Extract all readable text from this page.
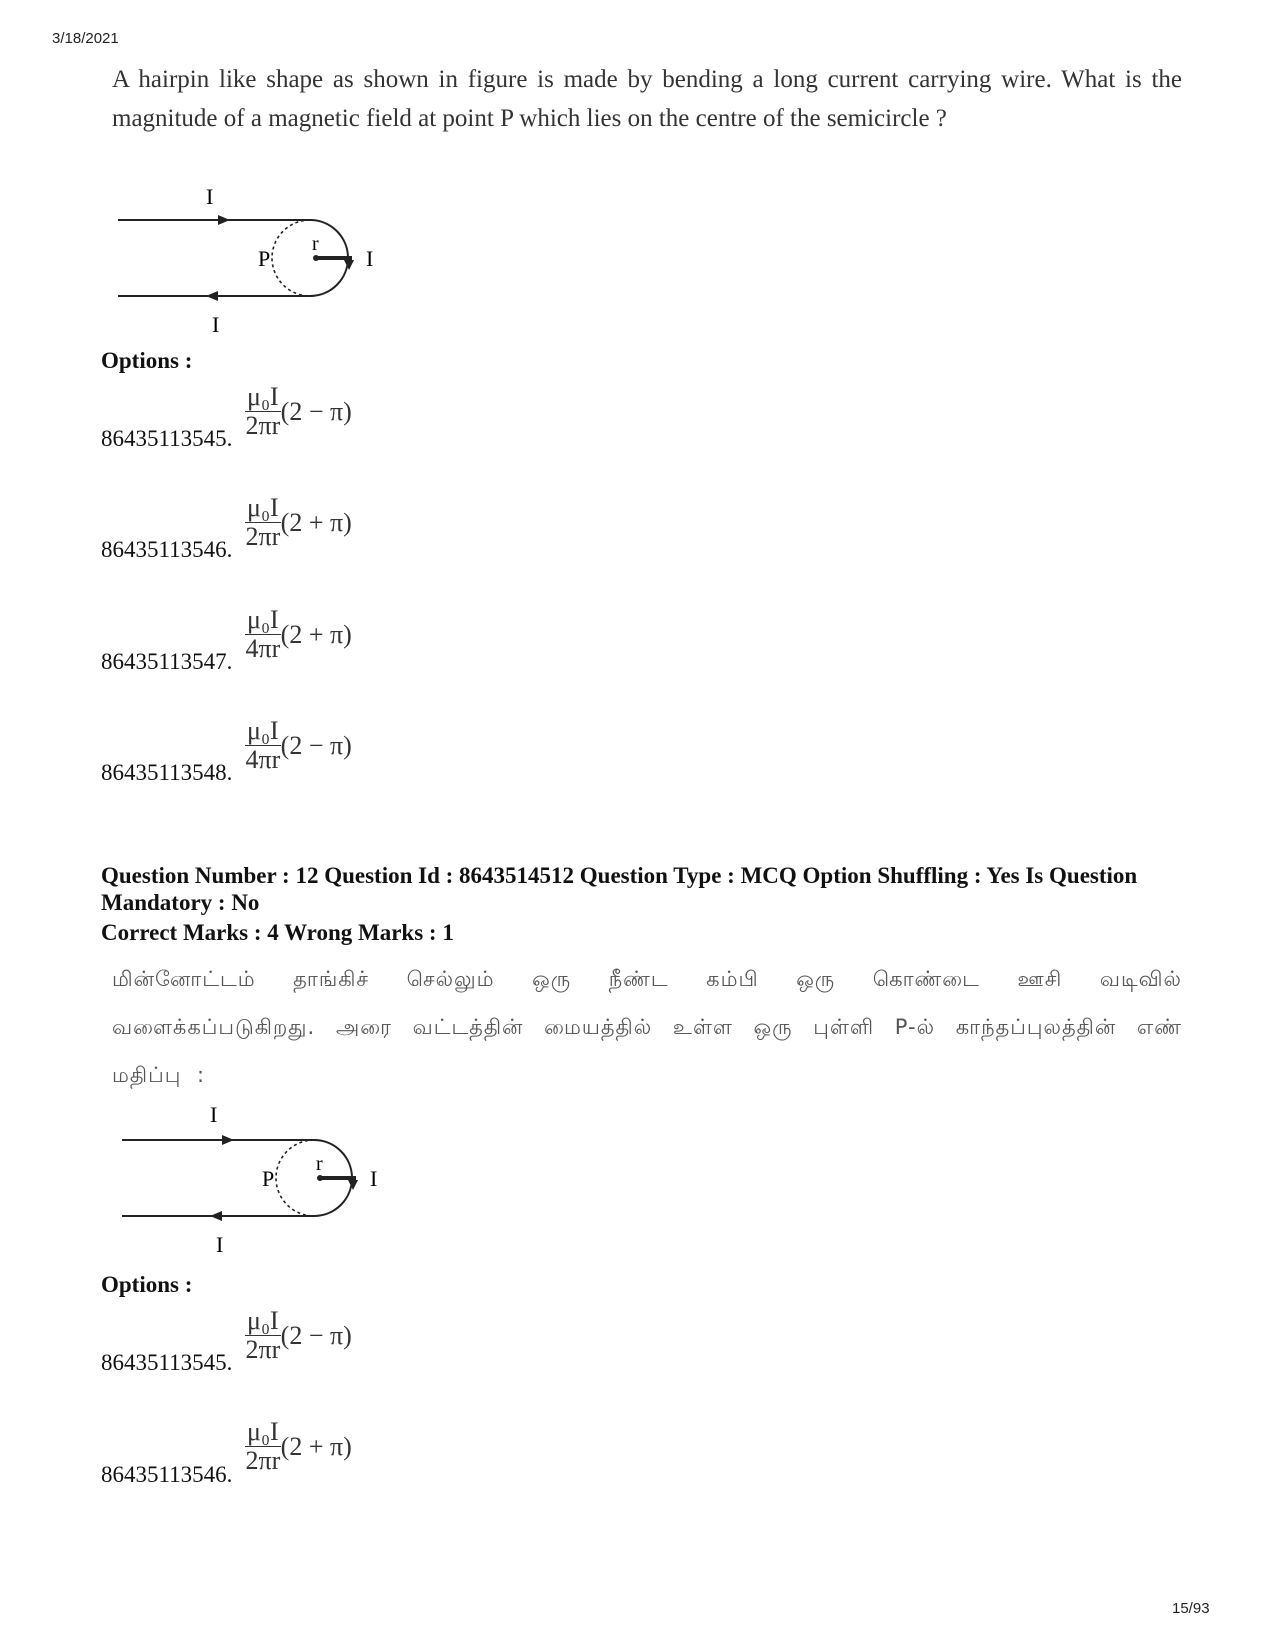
3/18/2021
A hairpin like shape as shown in figure is made by bending a long current carrying wire. What is the magnitude of a magnetic field at point P which lies on the centre of the semicircle ?
I
I
I
P
r
Options :
86435113545. $\frac{\text{μ₀I}}{2\pi r} (2 - \pi)$
86435113546. $\frac{\text{μ₀I}}{2\pi r} (2 + \pi)$
86435113547. $\frac{\text{μ₀I}}{4\pi r} (2 + \pi)$
86435113548. $\frac{\text{μ₀I}}{4\pi r} (2 - \pi)$
Question Number : 12 Question Id : 8643514512 Question Type : MCQ Option Shuffling : Yes Is Question Mandatory : No
Correct Marks : 4 Wrong Marks : 1
மின்னோட்டம் தாங்கிச் செல்லும் ஒரு நீண்ட கம்பி ஒரு கொண்டை ஊசி வடிவில் வளைக்கப்படுகிறது. அரை வட்டத்தின் மையத்தில் உள்ள ஒரு புள்ளி P-ல் காந்தப்புலத்தின் எண் மதிப்பு :
I
I
I
P
r
Options :
86435113545. $\frac{\text{μ₀I}}{2\pi r} (2 - \pi)$
86435113546. $\frac{\text{μ₀I}}{2\pi r} (2 + \pi)$
15/93
